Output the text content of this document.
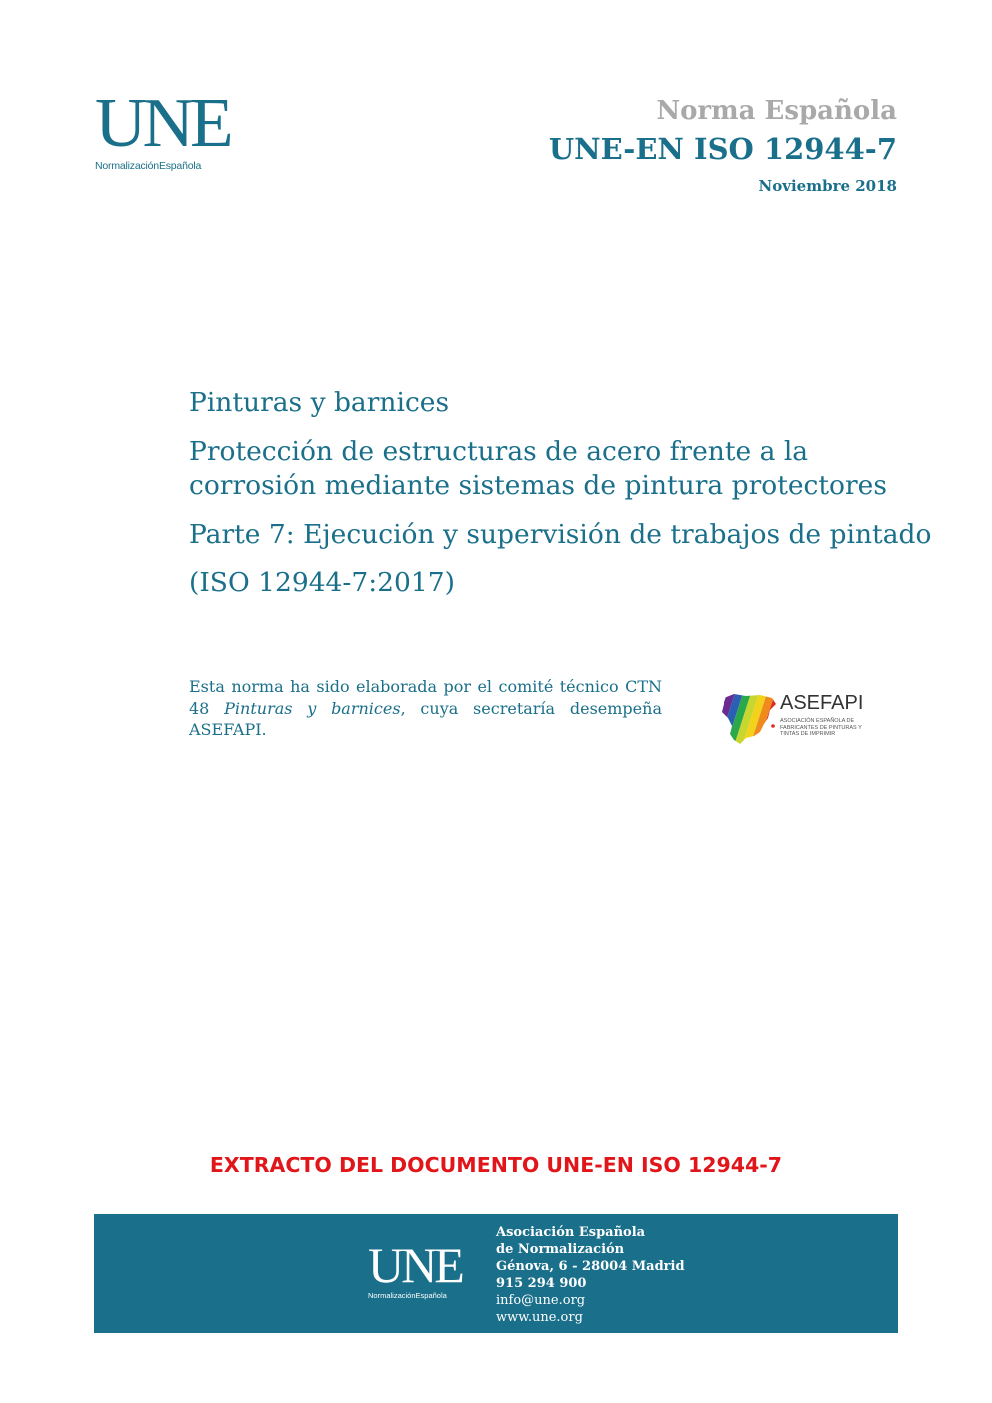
UNE
NormalizaciónEspañola
Norma Española
UNE-EN ISO 12944-7
Noviembre 2018
Pinturas y barnices
Protección de estructuras de acero frente a la corrosión mediante sistemas de pintura protectores
Parte 7: Ejecución y supervisión de trabajos de pintado
(ISO 12944-7:2017)
Esta norma ha sido elaborada por el comité técnico CTN 48 Pinturas y barnices, cuya secretaría desempeña ASEFAPI.
ASEFAPI
ASOCIACIÓN ESPAÑOLA DE FABRICANTES DE PINTURAS Y TINTAS DE IMPRIMIR
EXTRACTO DEL DOCUMENTO UNE-EN ISO 12944-7
UNE
NormalizaciónEspañola
Asociación Española
de Normalización
Génova, 6 - 28004 Madrid
915 294 900
info@une.org
www.une.org
